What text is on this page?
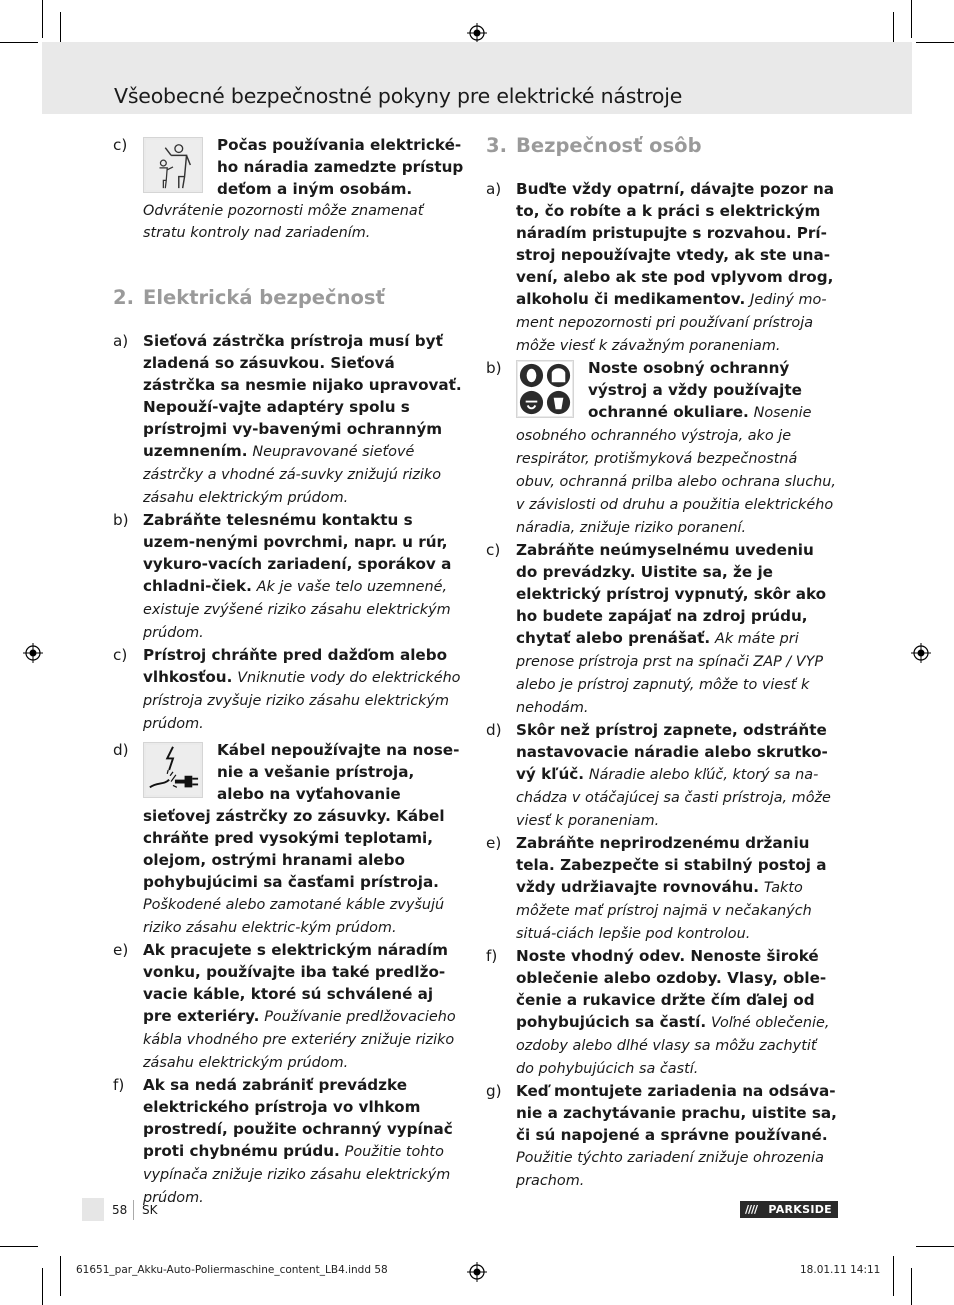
Všeobecné bezpečnostné pokyny pre elektrické nástroje
c)	Počas používania elektrické-ho náradia zamedzte prístup deťom a iným osobám.
Odvrátenie pozornosti môže znamenať stratu kontroly nad zariadením.
2. Elektrická bezpečnosť
a) Sieťová zástrčka prístroja musí byť zladená so zásuvkou. Sieťová zástrčka sa nesmie nijako upravovať. Nepouží-vajte adaptéry spolu s prístrojmi vy-bavenými ochranným uzemnením. Neupravované sieťové zástrčky a vhodné zá-suvky znižujú riziko zásahu elektrickým prúdom.
b) Zabráňte telesnému kontaktu s uzem-nenými povrchmi, napr. u rúr, vykuro-vacích zariadení, sporákov a chladni-čiek. Ak je vaše telo uzemnené, existuje zvýšené riziko zásahu elektrickým prúdom.
c) Prístroj chráňte pred dažďom alebo vlhkosťou. Vniknutie vody do elektrického prístroja zvyšuje riziko zásahu elektrickým prúdom.
d)	Kábel nepoužívajte na nose-nie a vešanie prístroja, alebo na vyťahovanie sieťovej zástrčky zo zásuvky. Kábel chráňte pred vysokými teplotami, olejom, ostrými hranami alebo pohybujúcimi sa časťami prístroja. Poškodené alebo zamotané káble zvyšujú riziko zásahu elektric-kým prúdom.
e) Ak pracujete s elektrickým náradím vonku, používajte iba také predlžo-vacie káble, ktoré sú schválené aj pre exteriéry. Používanie predlžovacieho kábla vhodného pre exteriéry znižuje riziko zásahu elektrickým prúdom.
f) Ak sa nedá zabrániť prevádzke elektrického prístroja vo vlhkom prostredí, použite ochranný vypínač proti chybnému prúdu. Použitie tohto vypínača znižuje riziko zásahu elektrickým prúdom.
3. Bezpečnosť osôb
a) Buďte vždy opatrní, dávajte pozor na to, čo robíte a k práci s elektrickým náradím pristupujte s rozvahou. Prí-stroj nepoužívajte vtedy, ak ste una-vení, alebo ak ste pod vplyvom drog, alkoholu či medikamentov. Jediný mo-ment nepozornosti pri používaní prístroja môže viesť k závažným poraneniam.
b)	Noste osobný ochranný výstroj a vždy používajte ochranné okuliare. Nosenie osobného ochranného výstroja, ako je respirátor, protišmyková bezpečnostná obuv, ochranná prilba alebo ochrana sluchu, v závislosti od druhu a použitia elektrického náradia, znižuje riziko poranení.
c) Zabráňte neúmyselnému uvedeniu do prevádzky. Uistite sa, že je elektrický prístroj vypnutý, skôr ako ho budete zapájať na zdroj prúdu, chytať alebo prenášať. Ak máte pri prenose prístroja prst na spínači ZAP / VYP alebo je prístroj zapnutý, môže to viesť k nehodám.
d) Skôr než prístroj zapnete, odstráňte nastavovacie náradie alebo skrutko-vý kľúč. Náradie alebo kľúč, ktorý sa na-chádza v otáčajúcej sa časti prístroja, môže viesť k poraneniam.
e) Zabráňte neprirodzenému držaniu tela. Zabezpečte si stabilný postoj a vždy udržiavajte rovnováhu. Takto môžete mať prístroj najmä v nečakaných situá-ciách lepšie pod kontrolou.
f) Noste vhodný odev. Nenoste široké oblečenie alebo ozdoby. Vlasy, oble-čenie a rukavice držte čím ďalej od pohybujúcich sa častí. Voľné oblečenie, ozdoby alebo dlhé vlasy sa môžu zachytiť do pohybujúcich sa častí.
g) Keď montujete zariadenia na odsáva-nie a zachytávanie prachu, uistite sa, či sú napojené a správne používané. Použitie týchto zariadení znižuje ohrozenia prachom.
58 SK	//// PARKSIDE
61651_par_Akku-Auto-Poliermaschine_content_LB4.indd 58	18.01.11 14:11
